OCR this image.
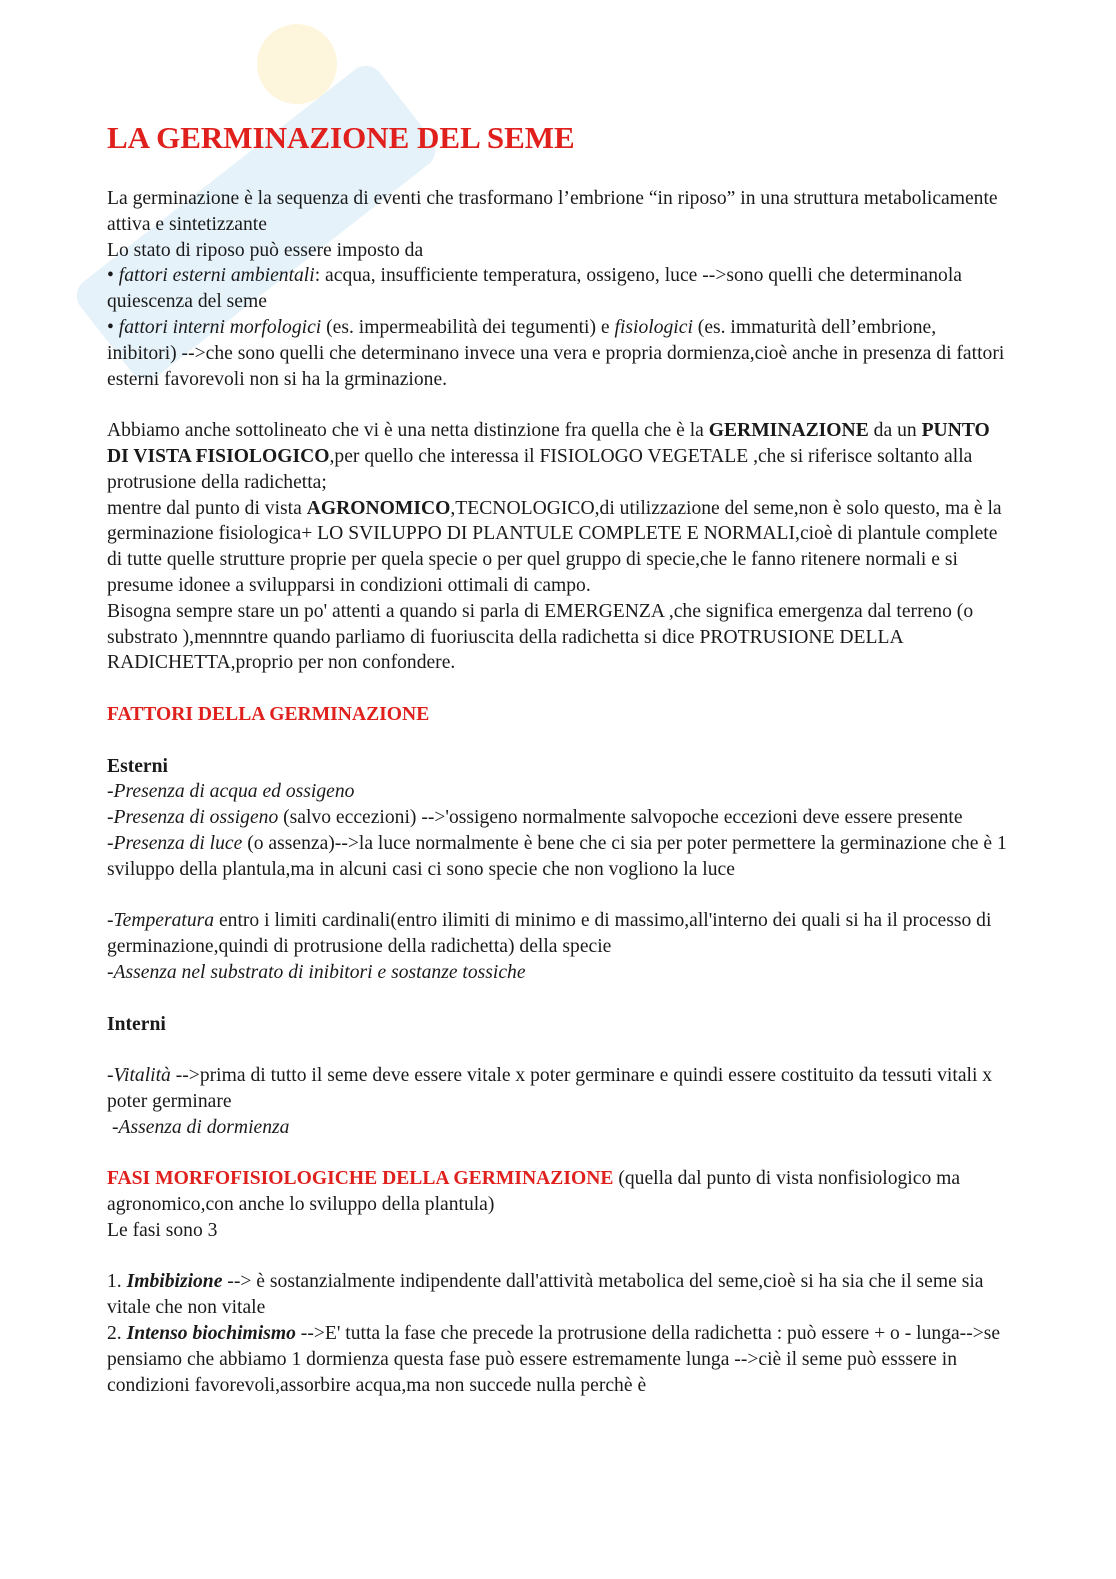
LA GERMINAZIONE DEL SEME

La germinazione è la sequenza di eventi che trasformano l’embrione “in riposo” in una struttura metabolicamente attiva e sintetizzante

Lo stato di riposo può essere imposto da

• fattori esterni ambientali: acqua, insufficiente temperatura, ossigeno, luce -->sono quelli che determinanola quiescenza del seme

• fattori interni morfologici (es. impermeabilità dei tegumenti) e fisiologici (es. immaturità dell’embrione, inibitori) -->che sono quelli che determinano invece una vera e propria dormienza,cioè anche in presenza di fattori esterni favorevoli non si ha la grminazione.

Abbiamo anche sottolineato che vi è una netta distinzione fra quella che è la GERMINAZIONE da un PUNTO DI VISTA FISIOLOGICO,per quello che interessa il FISIOLOGO VEGETALE ,che si riferisce soltanto alla protrusione della radichetta;

mentre dal punto di vista AGRONOMICO,TECNOLOGICO,di utilizzazione del seme,non è solo questo, ma è la germinazione fisiologica+ LO SVILUPPO DI PLANTULE COMPLETE E NORMALI,cioè di plantule complete di tutte quelle strutture proprie per quela specie o per quel gruppo di specie,che le fanno ritenere normali e si presume idonee a svilupparsi in condizioni ottimali di campo.

Bisogna sempre stare un po' attenti a quando si parla di EMERGENZA ,che significa emergenza dal terreno (o substrato ),mennntre quando parliamo di fuoriuscita della radichetta si dice PROTRUSIONE DELLA RADICHETTA,proprio per non confondere.

FATTORI DELLA GERMINAZIONE

Esterni

-Presenza di acqua ed ossigeno

-Presenza di ossigeno (salvo eccezioni) -->'ossigeno normalmente salvopoche eccezioni deve essere presente

-Presenza di luce (o assenza)-->la luce normalmente è bene che ci sia per poter permettere la germinazione che è 1 sviluppo della plantula,ma in alcuni casi ci sono specie che non vogliono la luce

-Temperatura entro i limiti cardinali(entro ilimiti di minimo e di massimo,all'interno dei quali si ha il processo di germinazione,quindi di protrusione della radichetta) della specie

-Assenza nel substrato di inibitori e sostanze tossiche

Interni

-Vitalità -->prima di tutto il seme deve essere vitale x poter germinare e quindi essere costituito da tessuti vitali x poter germinare

-Assenza di dormienza

FASI MORFOFISIOLOGICHE DELLA GERMINAZIONE (quella dal punto di vista nonfisiologico ma agronomico,con anche lo sviluppo della plantula)

Le fasi sono 3

1. Imbibizione --> è sostanzialmente indipendente dall'attività metabolica del seme,cioè si ha sia che il seme sia vitale che non vitale

2. Intenso biochimismo -->E' tutta la fase che precede la protrusione della radichetta : può essere + o - lunga-->se pensiamo che abbiamo 1 dormienza questa fase può essere estremamente lunga -->ciè il seme può esssere in condizioni favorevoli,assorbire acqua,ma non succede nulla perchè è
